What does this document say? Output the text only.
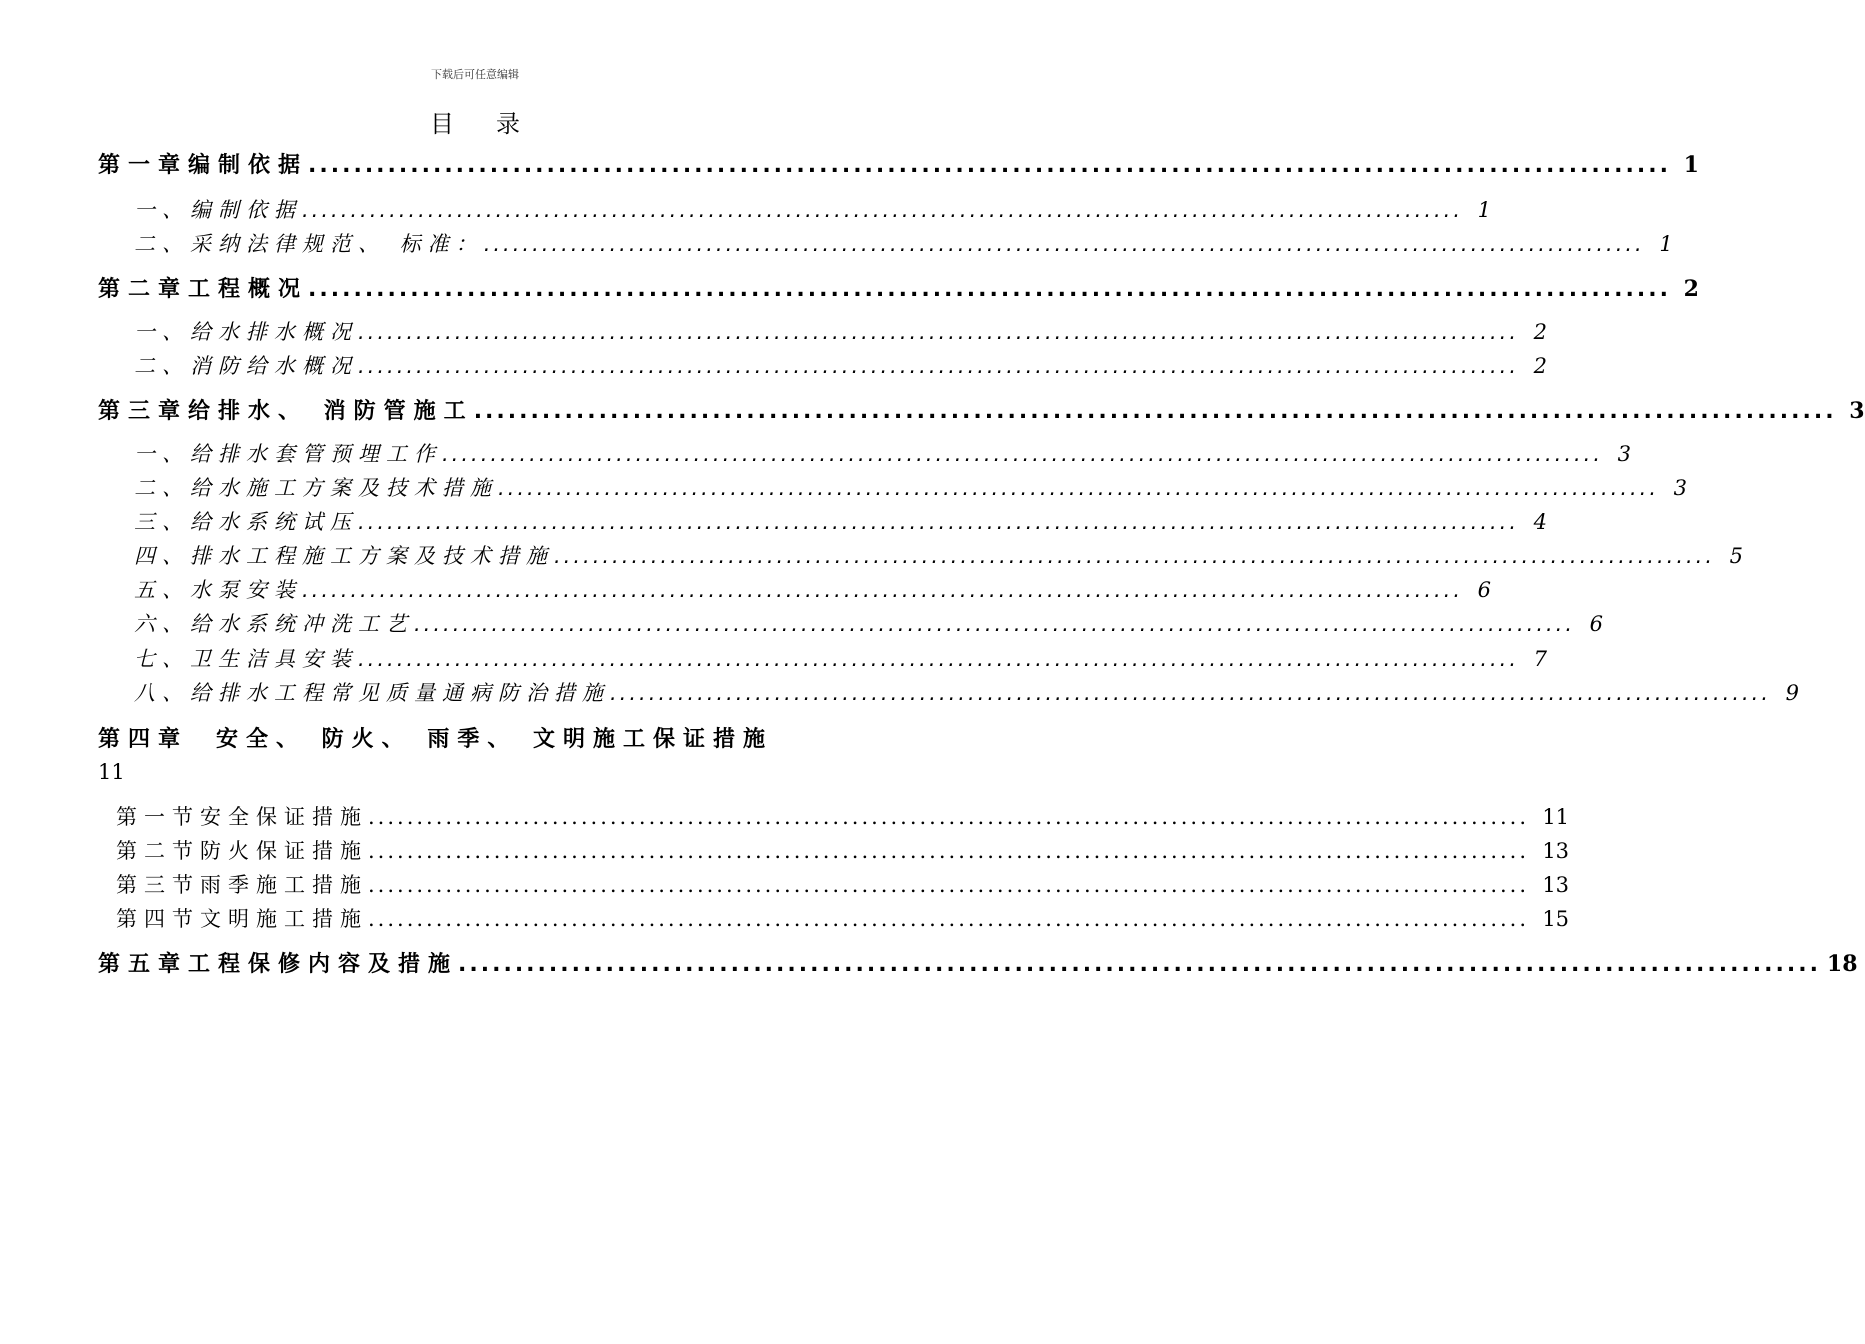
下载后可任意编辑
目录
第一章 编制依据 ........................................................................................................................ 1
一、 编制依据 ........................................................................................................................ 1
二、 采纳法律规范、 标准： ........................................................................................................................ 1
第二章 工程概况 ........................................................................................................................ 2
一、 给水排水概况 ........................................................................................................................ 2
二、 消防给水概况 ........................................................................................................................ 2
第三章 给排水、 消防管施工 ........................................................................................................................ 3
一、 给排水套管预埋工作 ........................................................................................................................ 3
二、 给水施工方案及技术措施 ........................................................................................................................ 3
三、 给水系统试压 ........................................................................................................................ 4
四、 排水工程施工方案及技术措施 ........................................................................................................................ 5
五、 水泵安装 ........................................................................................................................ 6
六、 给水系统冲洗工艺 ........................................................................................................................ 6
七、 卫生洁具安装 ........................................................................................................................ 7
八、 给排水工程常见质量通病防治措施 ........................................................................................................................ 9
第四章 安全、 防火、 雨季、 文明施工保证措施
11
第一节 安全保证措施 ........................................................................................................................ 11
第二节 防火保证措施 ........................................................................................................................ 13
第三节 雨季施工措施 ........................................................................................................................ 13
第四节 文明施工措施 ........................................................................................................................ 15
第五章 工程保修内容及措施 ........................................................................................................................ 18
